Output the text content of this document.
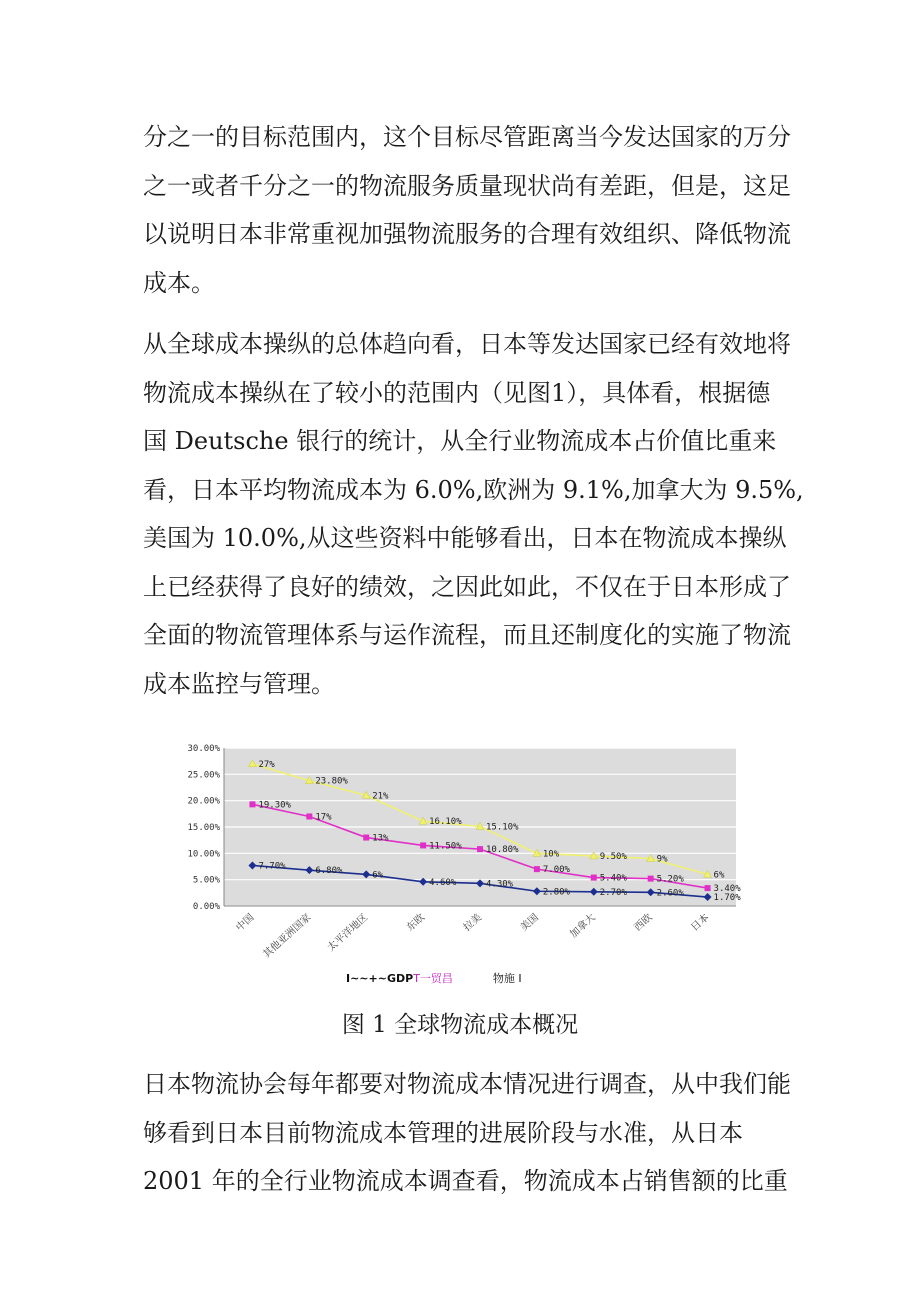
分之一的目标范围内，这个目标尽管距离当今发达国家的万分
之一或者千分之一的物流服务质量现状尚有差距，但是，这足
以说明日本非常重视加强物流服务的合理有效组织、降低物流
成本。
从全球成本操纵的总体趋向看，日本等发达国家已经有效地将
物流成本操纵在了较小的范围内（见图1），具体看，根据德
国 Deutsche 银行的统计，从全行业物流成本占价值比重来
看，日本平均物流成本为 6.0%,欧洲为 9.1%,加拿大为 9.5%,
美国为 10.0%,从这些资料中能够看出，日本在物流成本操纵
上已经获得了良好的绩效，之因此如此，不仅在于日本形成了
全面的物流管理体系与运作流程，而且还制度化的实施了物流
成本监控与管理。
0.00%
5.00%
10.00%
15.00%
20.00%
25.00%
30.00%
中国 其他亚洲国家 太平洋地区	东欧	拉美	美国	加拿大	西欧	日本
7.70%	6.80%	6%
4.60%	4.30%
2.80%	2.70%	2.60%	1.70%
19.30%
17%
13%
11.50%	10.80%
7.00%
5.40%	5.20%
3.40%
27%
23.80%
21%
16.10%
15.10%
10%	9.50%	9%
6%
I~~+~GDPT一贸昌	物施 I
图 1 全球物流成本概况
日本物流协会每年都要对物流成本情况进行调查，从中我们能
够看到日本目前物流成本管理的进展阶段与水准，从日本
2001 年的全行业物流成本调查看，物流成本占销售额的比重
